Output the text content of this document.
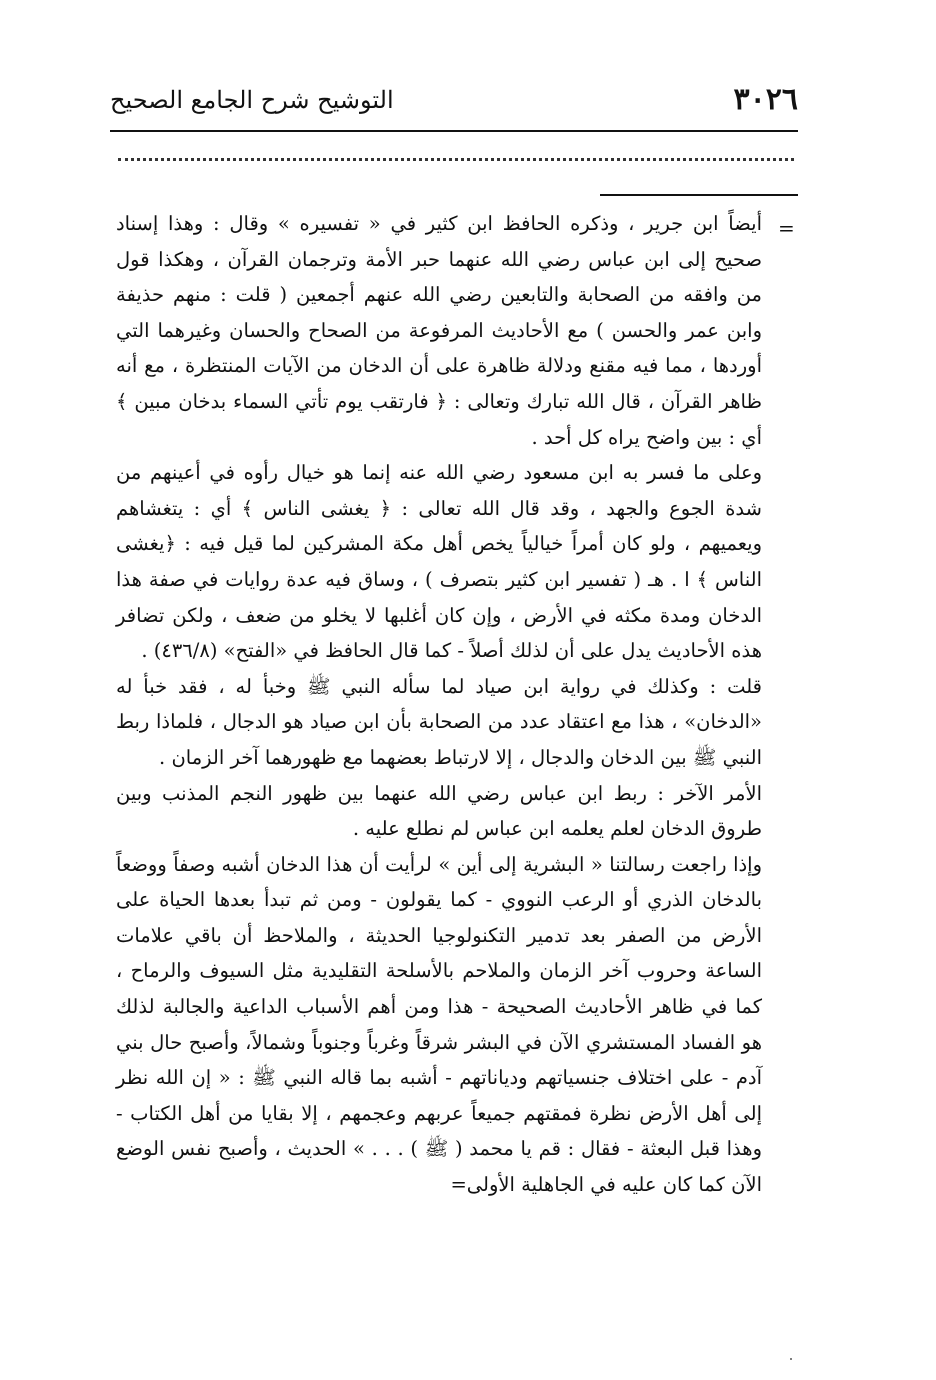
٣٠٢٦
التوشيح شرح الجامع الصحيح
=

أيضاً ابن جرير ، وذكره الحافظ ابن كثير في « تفسيره » وقال : وهذا إسناد صحيح إلى ابن عباس رضي الله عنهما حبر الأمة وترجمان القرآن ، وهكذا قول من وافقه من الصحابة والتابعين رضي الله عنهم أجمعين ( قلت : منهم حذيفة وابن عمر والحسن ) مع الأحاديث المرفوعة من الصحاح والحسان وغيرهما التي أوردها ، مما فيه مقنع ودلالة ظاهرة على أن الدخان من الآيات المنتظرة ، مع أنه ظاهر القرآن ، قال الله تبارك وتعالى : ﴿ فارتقب يوم تأتي السماء بدخان مبين ﴾ أي : بين واضح يراه كل أحد .

وعلى ما فسر به ابن مسعود رضي الله عنه إنما هو خيال رأوه في أعينهم من شدة الجوع والجهد ، وقد قال الله تعالى : ﴿ يغشى الناس ﴾ أي : يتغشاهم ويعميهم ، ولو كان أمراً خيالياً يخص أهل مكة المشركين لما قيل فيه : ﴿يغشى الناس ﴾ ا . هـ ( تفسير ابن كثير بتصرف ) ، وساق فيه عدة روايات في صفة هذا الدخان ومدة مكثه في الأرض ، وإن كان أغلبها لا يخلو من ضعف ، ولكن تضافر هذه الأحاديث يدل على أن لذلك أصلاً - كما قال الحافظ في «الفتح» (٤٣٦/٨) .

قلت : وكذلك في رواية ابن صياد لما سأله النبي ﷺ وخبأ له ، فقد خبأ له «الدخان» ، هذا مع اعتقاد عدد من الصحابة بأن ابن صياد هو الدجال ، فلماذا ربط النبي ﷺ بين الدخان والدجال ، إلا لارتباط بعضهما مع ظهورهما آخر الزمان .

الأمر الآخر : ربط ابن عباس رضي الله عنهما بين ظهور النجم المذنب وبين طروق الدخان لعلم يعلمه ابن عباس لم نطلع عليه .

وإذا راجعت رسالتنا « البشرية إلى أين » لرأيت أن هذا الدخان أشبه وصفاً ووضعاً بالدخان الذري أو الرعب النووي - كما يقولون - ومن ثم تبدأ بعدها الحياة على الأرض من الصفر بعد تدمير التكنولوجيا الحديثة ، والملاحظ أن باقي علامات الساعة وحروب آخر الزمان والملاحم بالأسلحة التقليدية مثل السيوف والرماح ، كما في ظاهر الأحاديث الصحيحة - هذا ومن أهم الأسباب الداعية والجالبة لذلك هو الفساد المستشري الآن في البشر شرقاً وغرباً وجنوباً وشمالاً، وأصبح حال بني آدم - على اختلاف جنسياتهم ودياناتهم - أشبه بما قاله النبي ﷺ : « إن الله نظر إلى أهل الأرض نظرة فمقتهم جميعاً عربهم وعجمهم ، إلا بقايا من أهل الكتاب - وهذا قبل البعثة - فقال : قم يا محمد ( ﷺ ) . . . » الحديث ، وأصبح نفس الوضع الآن كما كان عليه في الجاهلية الأولى=
